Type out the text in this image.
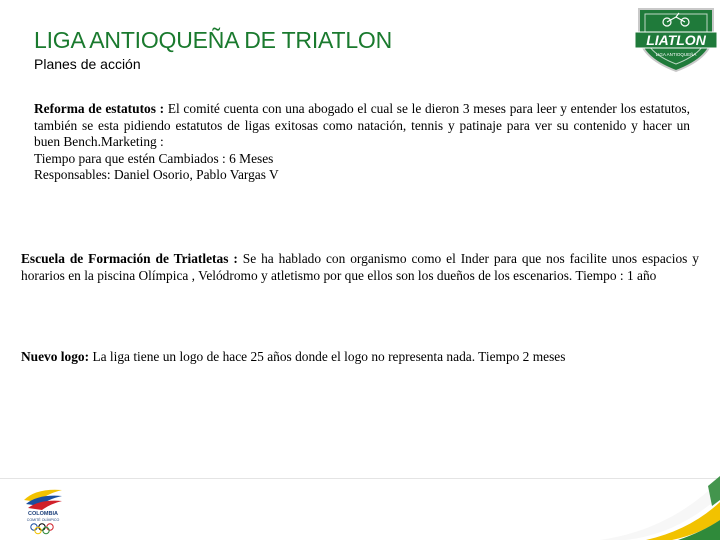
LIGA ANTIOQUEÑA DE TRIATLON
Planes de acción
LIATLON
LIGA ANTIOQUEÑA
Reforma de estatutos : El comité cuenta con una abogado el cual se le dieron 3 meses para leer y entender los estatutos, también se esta pidiendo estatutos de ligas exitosas como natación, tennis y patinaje para ver su contenido y hacer un buen Bench.Marketing :
Tiempo para que estén Cambiados : 6 Meses
Responsables: Daniel Osorio, Pablo Vargas V
Escuela de Formación de Triatletas : Se ha hablado con organismo como el Inder para que nos facilite unos espacios y horarios en la piscina Olímpica , Velódromo y atletismo por que ellos son los dueños de los escenarios. Tiempo : 1 año
Nuevo logo: La liga tiene un logo de hace 25 años donde el logo no representa nada. Tiempo 2 meses
COLOMBIA
COMITÉ OLÍMPICO
